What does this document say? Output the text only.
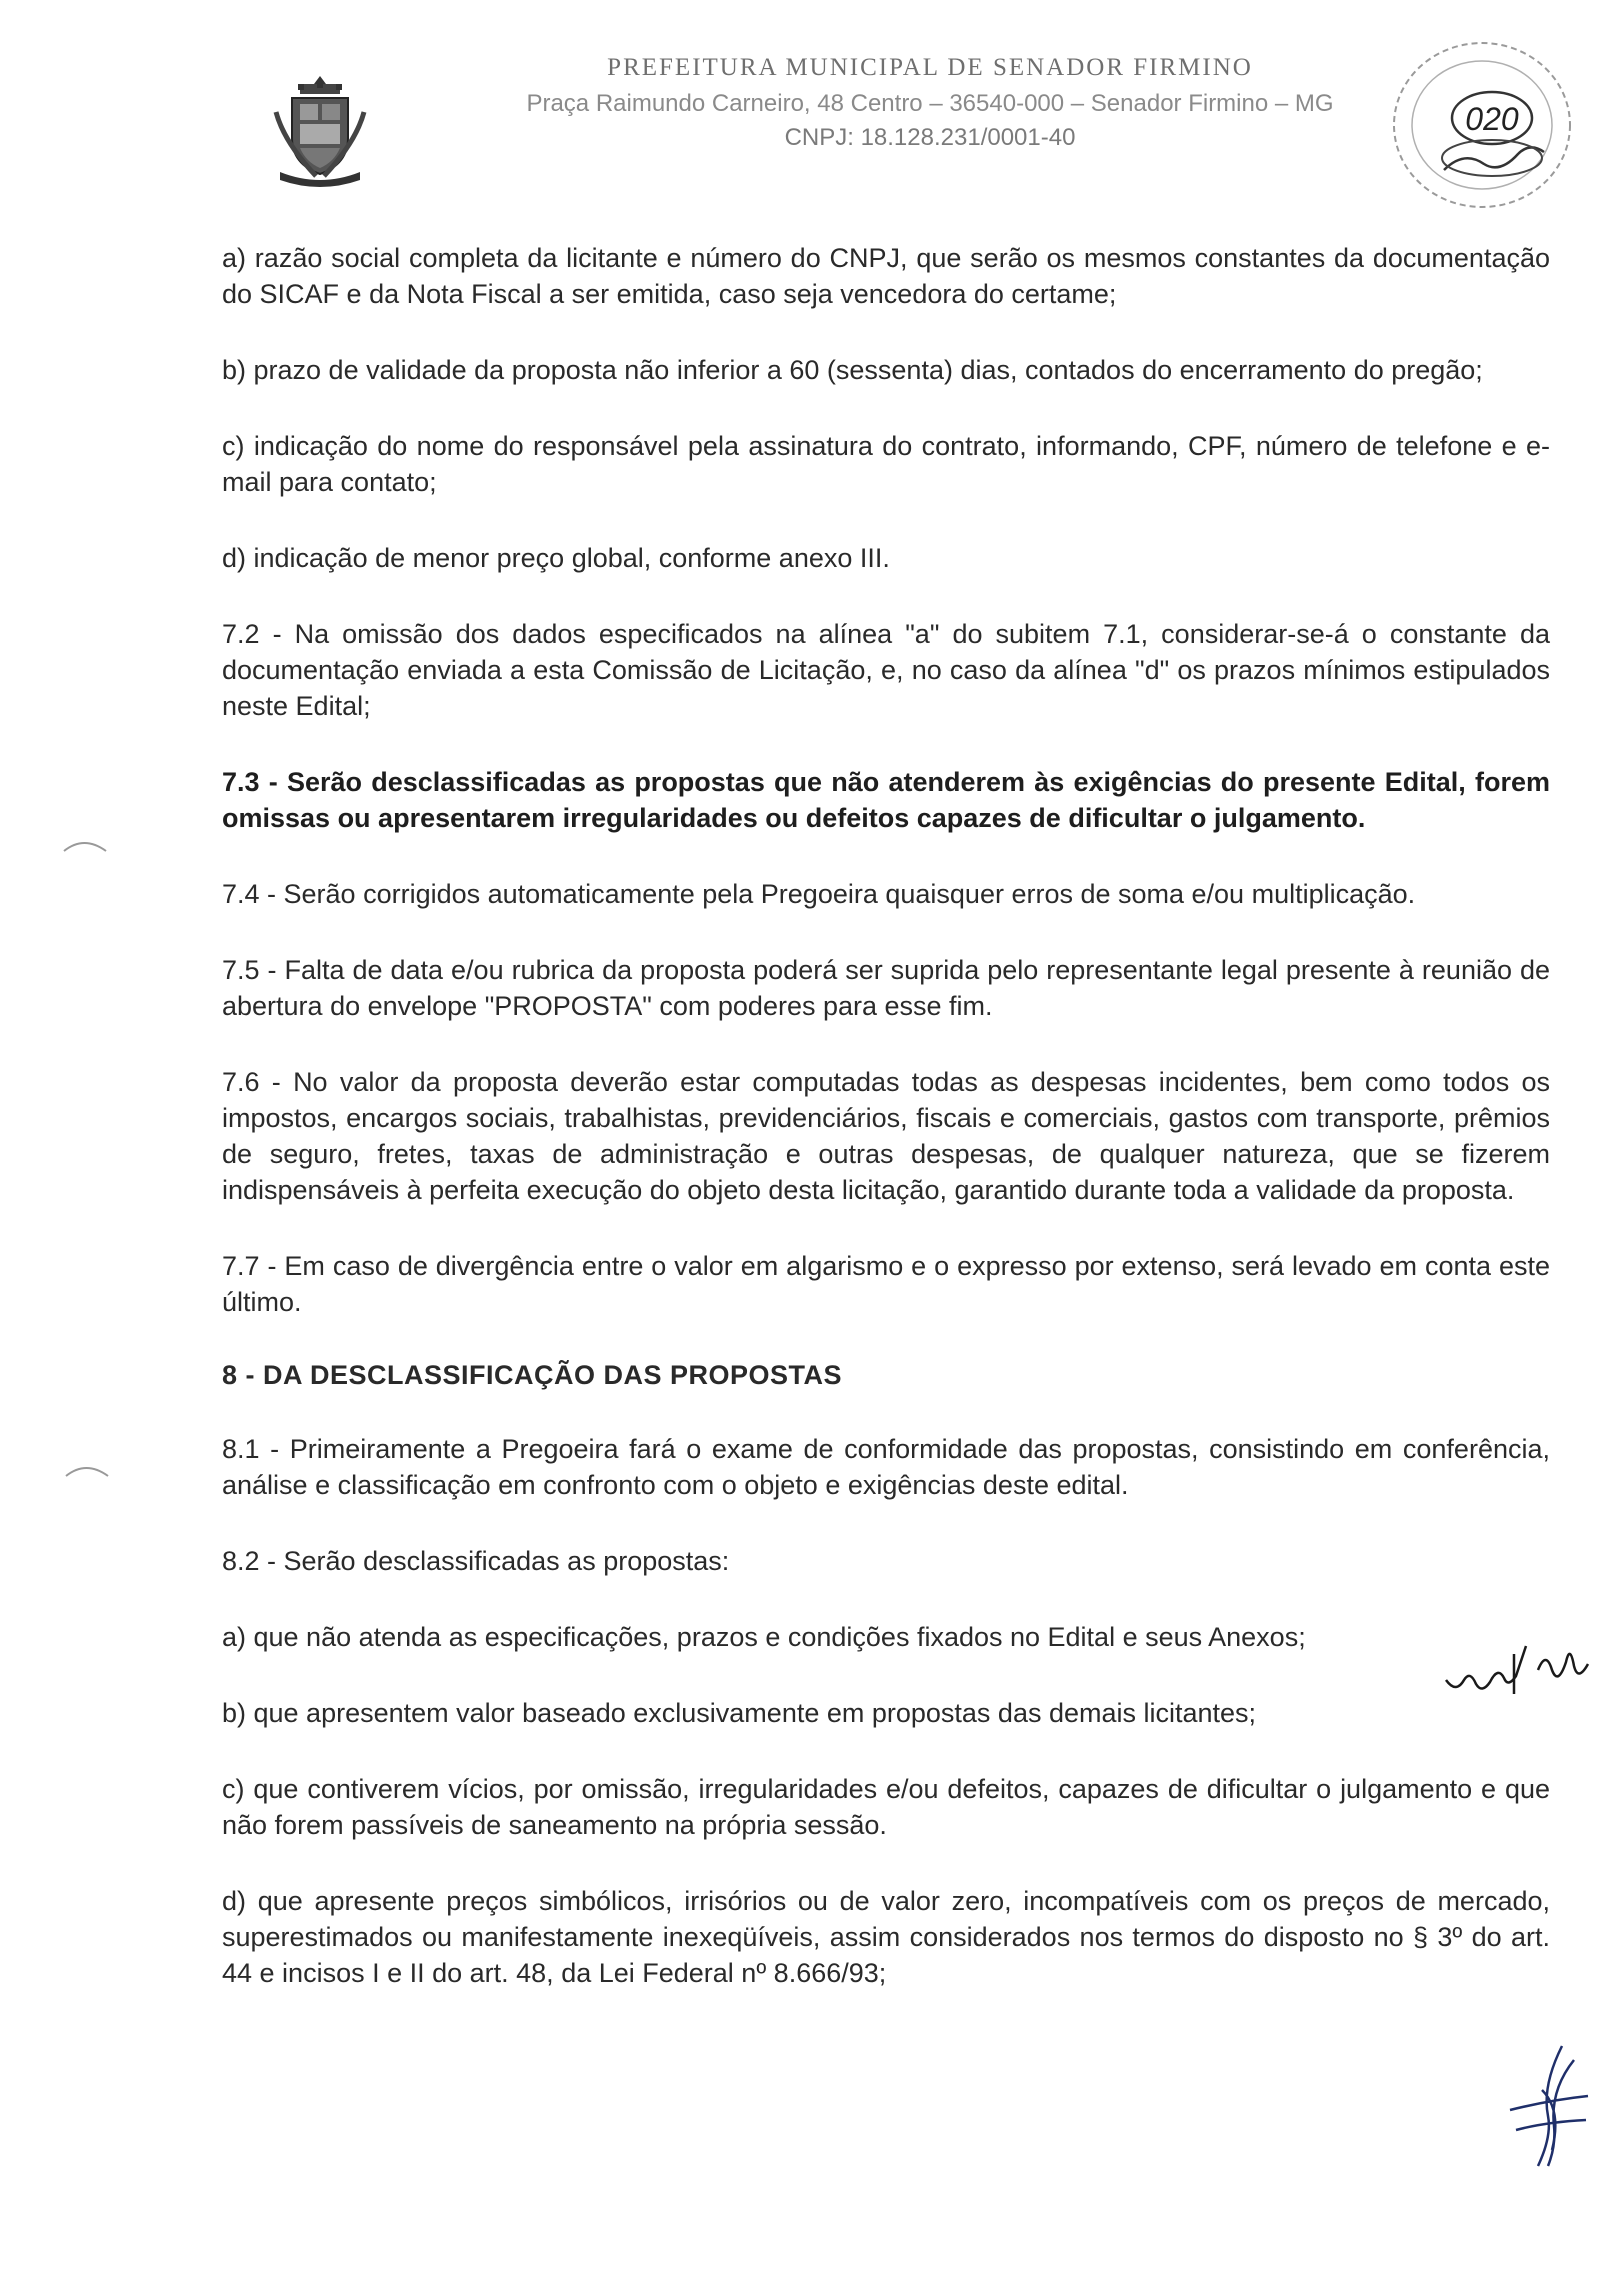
PREFEITURA MUNICIPAL DE SENADOR FIRMINO
Praça Raimundo Carneiro, 48 Centro – 36540-000 – Senador Firmino – MG
CNPJ: 18.128.231/0001-40
020

a) razão social completa da licitante e número do CNPJ, que serão os mesmos constantes da documentação do SICAF e da Nota Fiscal a ser emitida, caso seja vencedora do certame;

b) prazo de validade da proposta não inferior a 60 (sessenta) dias, contados do encerramento do pregão;

c) indicação do nome do responsável pela assinatura do contrato, informando, CPF, número de telefone e e-mail para contato;

d) indicação de menor preço global, conforme anexo III.

7.2 - Na omissão dos dados especificados na alínea "a" do subitem 7.1, considerar-se-á o constante da documentação enviada a esta Comissão de Licitação, e, no caso da alínea "d" os prazos mínimos estipulados neste Edital;

7.3 - Serão desclassificadas as propostas que não atenderem às exigências do presente Edital, forem omissas ou apresentarem irregularidades ou defeitos capazes de dificultar o julgamento.

7.4 - Serão corrigidos automaticamente pela Pregoeira quaisquer erros de soma e/ou multiplicação.

7.5 - Falta de data e/ou rubrica da proposta poderá ser suprida pelo representante legal presente à reunião de abertura do envelope "PROPOSTA" com poderes para esse fim.

7.6 - No valor da proposta deverão estar computadas todas as despesas incidentes, bem como todos os impostos, encargos sociais, trabalhistas, previdenciários, fiscais e comerciais, gastos com transporte, prêmios de seguro, fretes, taxas de administração e outras despesas, de qualquer natureza, que se fizerem indispensáveis à perfeita execução do objeto desta licitação, garantido durante toda a validade da proposta.

7.7 - Em caso de divergência entre o valor em algarismo e o expresso por extenso, será levado em conta este último.

8 - DA DESCLASSIFICAÇÃO DAS PROPOSTAS

8.1 - Primeiramente a Pregoeira fará o exame de conformidade das propostas, consistindo em conferência, análise e classificação em confronto com o objeto e exigências deste edital.

8.2 - Serão desclassificadas as propostas:

a) que não atenda as especificações, prazos e condições fixados no Edital e seus Anexos;

b) que apresentem valor baseado exclusivamente em propostas das demais licitantes;

c) que contiverem vícios, por omissão, irregularidades e/ou defeitos, capazes de dificultar o julgamento e que não forem passíveis de saneamento na própria sessão.

d) que apresente preços simbólicos, irrisórios ou de valor zero, incompatíveis com os preços de mercado, superestimados ou manifestamente inexeqüíveis, assim considerados nos termos do disposto no § 3º do art. 44 e incisos I e II do art. 48, da Lei Federal nº 8.666/93;
